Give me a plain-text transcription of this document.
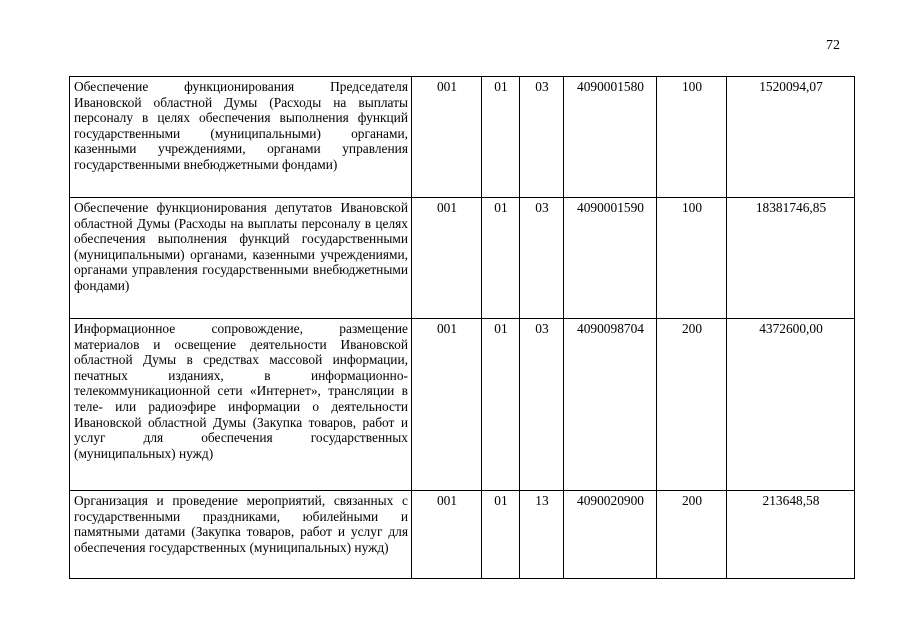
72
Обеспечение функционирования Председателя Ивановской областной Думы (Расходы на выплаты персоналу в целях обеспечения выполнения функций государственными (муниципальными) органами, казенными учреждениями, органами управления государственными внебюджетными фондами)	001	01	03	4090001580	100	1520094,07
Обеспечение функционирования депутатов Ивановской областной Думы (Расходы на выплаты персоналу в целях обеспечения выполнения функций государственными (муниципальными) органами, казенными учреждениями, органами управления государственными внебюджетными фондами)	001	01	03	4090001590	100	18381746,85
Информационное сопровождение, размещение материалов и освещение деятельности Ивановской областной Думы в средствах массовой информации, печатных изданиях, в информационно-телекоммуникационной сети «Интернет», трансляции в теле- или радиоэфире информации о деятельности Ивановской областной Думы (Закупка товаров, работ и услуг для обеспечения государственных (муниципальных) нужд)	001	01	03	4090098704	200	4372600,00
Организация и проведение мероприятий, связанных с государственными праздниками, юбилейными и памятными датами (Закупка товаров, работ и услуг для обеспечения государственных (муниципальных) нужд)	001	01	13	4090020900	200	213648,58
